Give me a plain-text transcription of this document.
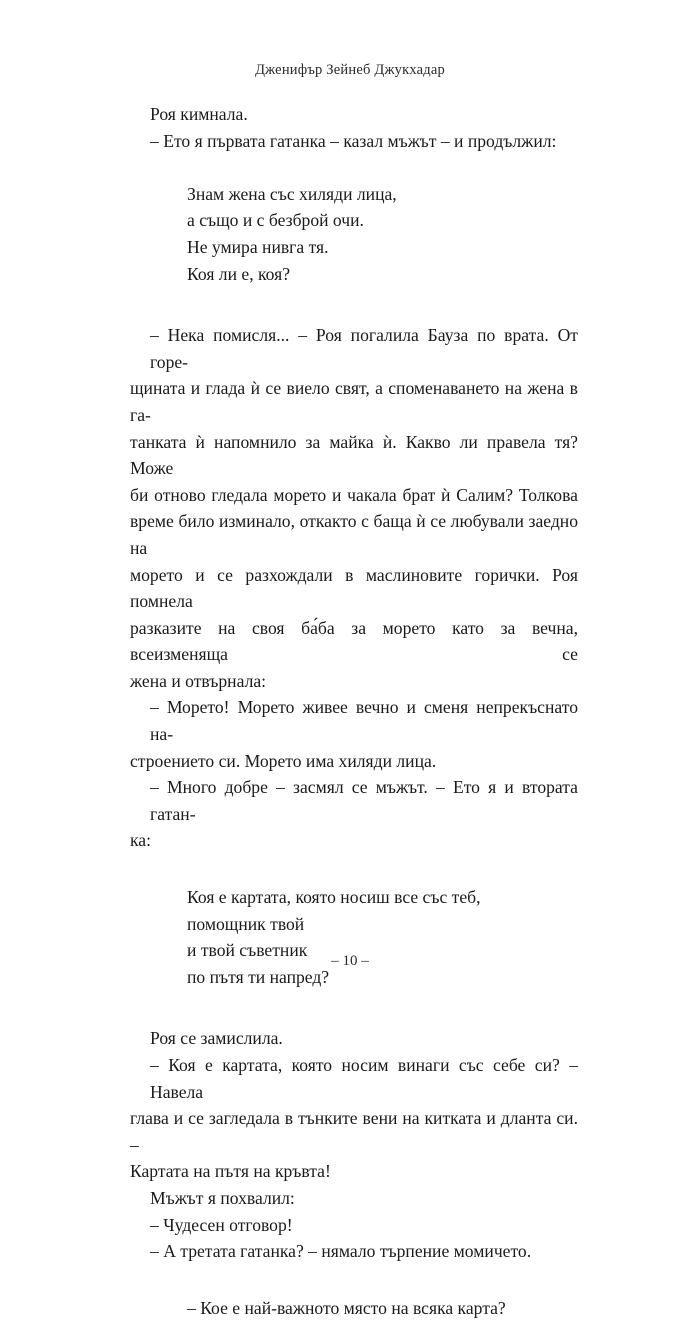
Дженифър Зейнеб Джукхадар

Роя кимнала.

– Ето я първата гатанка – казал мъжът – и продължил:

Знам жена със хиляди лица,

а също и с безброй очи.

Не умира нивга тя.

Коя ли е, коя?

– Нека помисля... – Роя погалила Бауза по врата. От горе-

щината и глада ѝ се виело свят, а споменаването на жена в га-

танката ѝ напомнило за майка ѝ. Какво ли правела тя? Може

би отново гледала морето и чакала брат ѝ Салим? Толкова

време било изминало, откакто с баща ѝ се любували заедно на

морето и се разхождали в маслиновите горички. Роя помнела

разказите на своя ба́ба за морето като за вечна, всеизменяща се

жена и отвърнала:

– Морето! Морето живее вечно и сменя непрекъснато на-

строението си. Морето има хиляди лица.

– Много добре – засмял се мъжът. – Ето я и втората гатан-

ка:

Коя е картата, която носиш все със теб,

помощник твой

и твой съветник

по пътя ти напред?

Роя се замислила.

– Коя е картата, която носим винаги със себе си? – Навела

глава и се загледала в тънките вени на китката и дланта си. –

Картата на пътя на кръвта!

Мъжът я похвалил:

– Чудесен отговор!

– А третата гатанка? – нямало търпение момичето.

– Кое е най-важното място на всяка карта?

– 10 –
